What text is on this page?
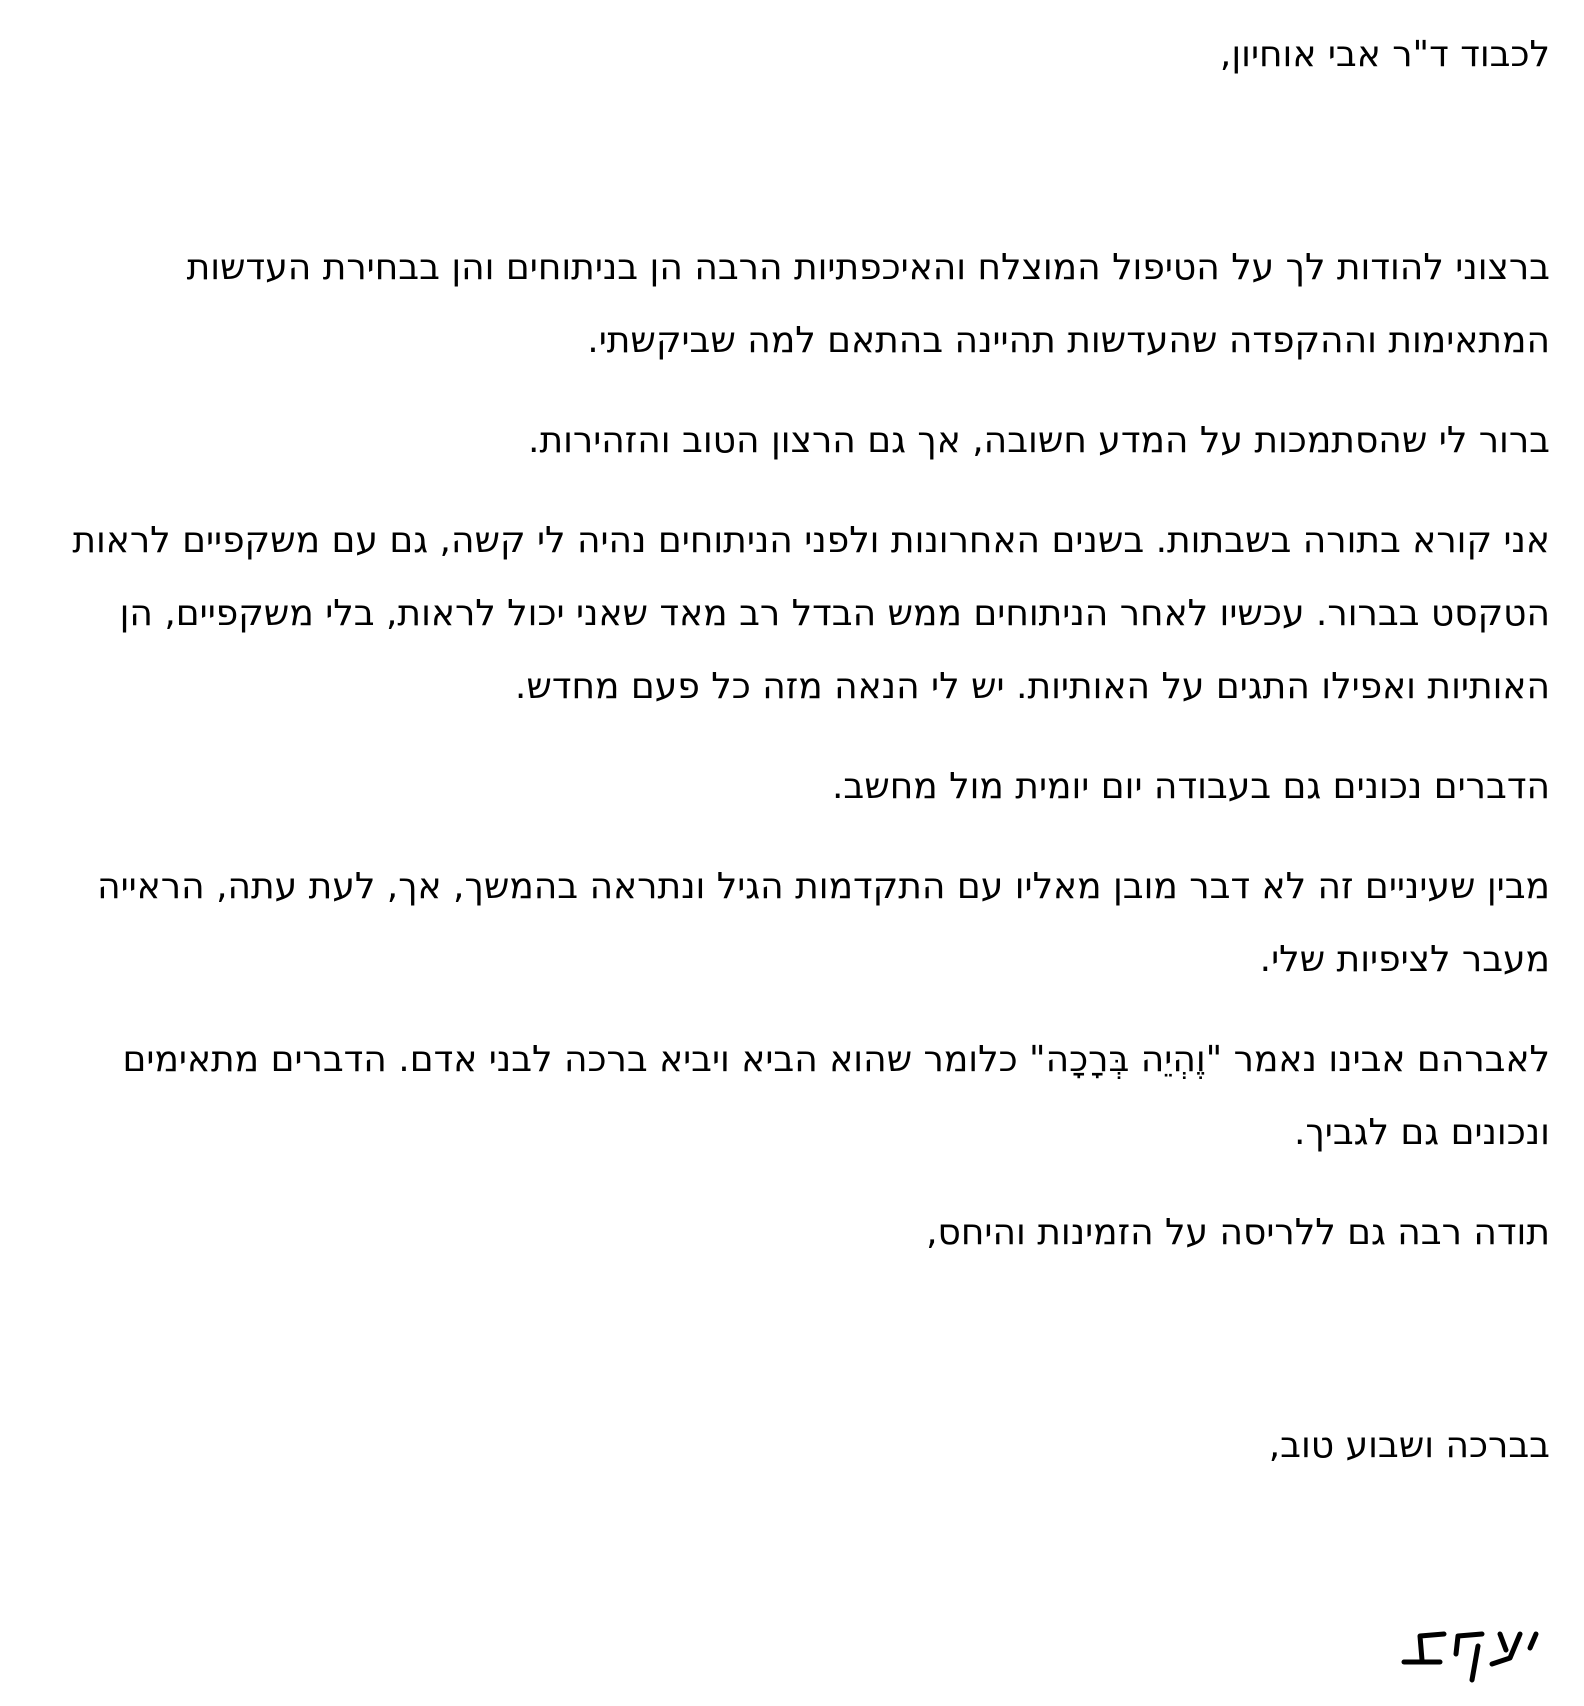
לכבוד ד"ר אבי אוחיון,

ברצוני להודות לך על הטיפול המוצלח והאיכפתיות הרבה הן בניתוחים והן בבחירת העדשות המתאימות וההקפדה שהעדשות תהיינה בהתאם למה שביקשתי.

ברור לי שהסתמכות על המדע חשובה, אך גם הרצון הטוב והזהירות.

אני קורא בתורה בשבתות. בשנים האחרונות ולפני הניתוחים נהיה לי קשה, גם עם משקפיים לראות הטקסט בברור. עכשיו לאחר הניתוחים ממש הבדל רב מאד שאני יכול לראות, בלי משקפיים, הן האותיות ואפילו התגים על האותיות. יש לי הנאה מזה כל פעם מחדש.

הדברים נכונים גם בעבודה יום יומית מול מחשב.

מבין שעיניים זה לא דבר מובן מאליו עם התקדמות הגיל ונתראה בהמשך, אך, לעת עתה, הראייה מעבר לציפיות שלי.

לאברהם אבינו נאמר "וֶהְיֵה בְּרָכָה" כלומר שהוא הביא ויביא ברכה לבני אדם. הדברים מתאימים ונכונים גם לגביך.

תודה רבה גם ללריסה על הזמינות והיחס,

בברכה ושבוע טוב,
